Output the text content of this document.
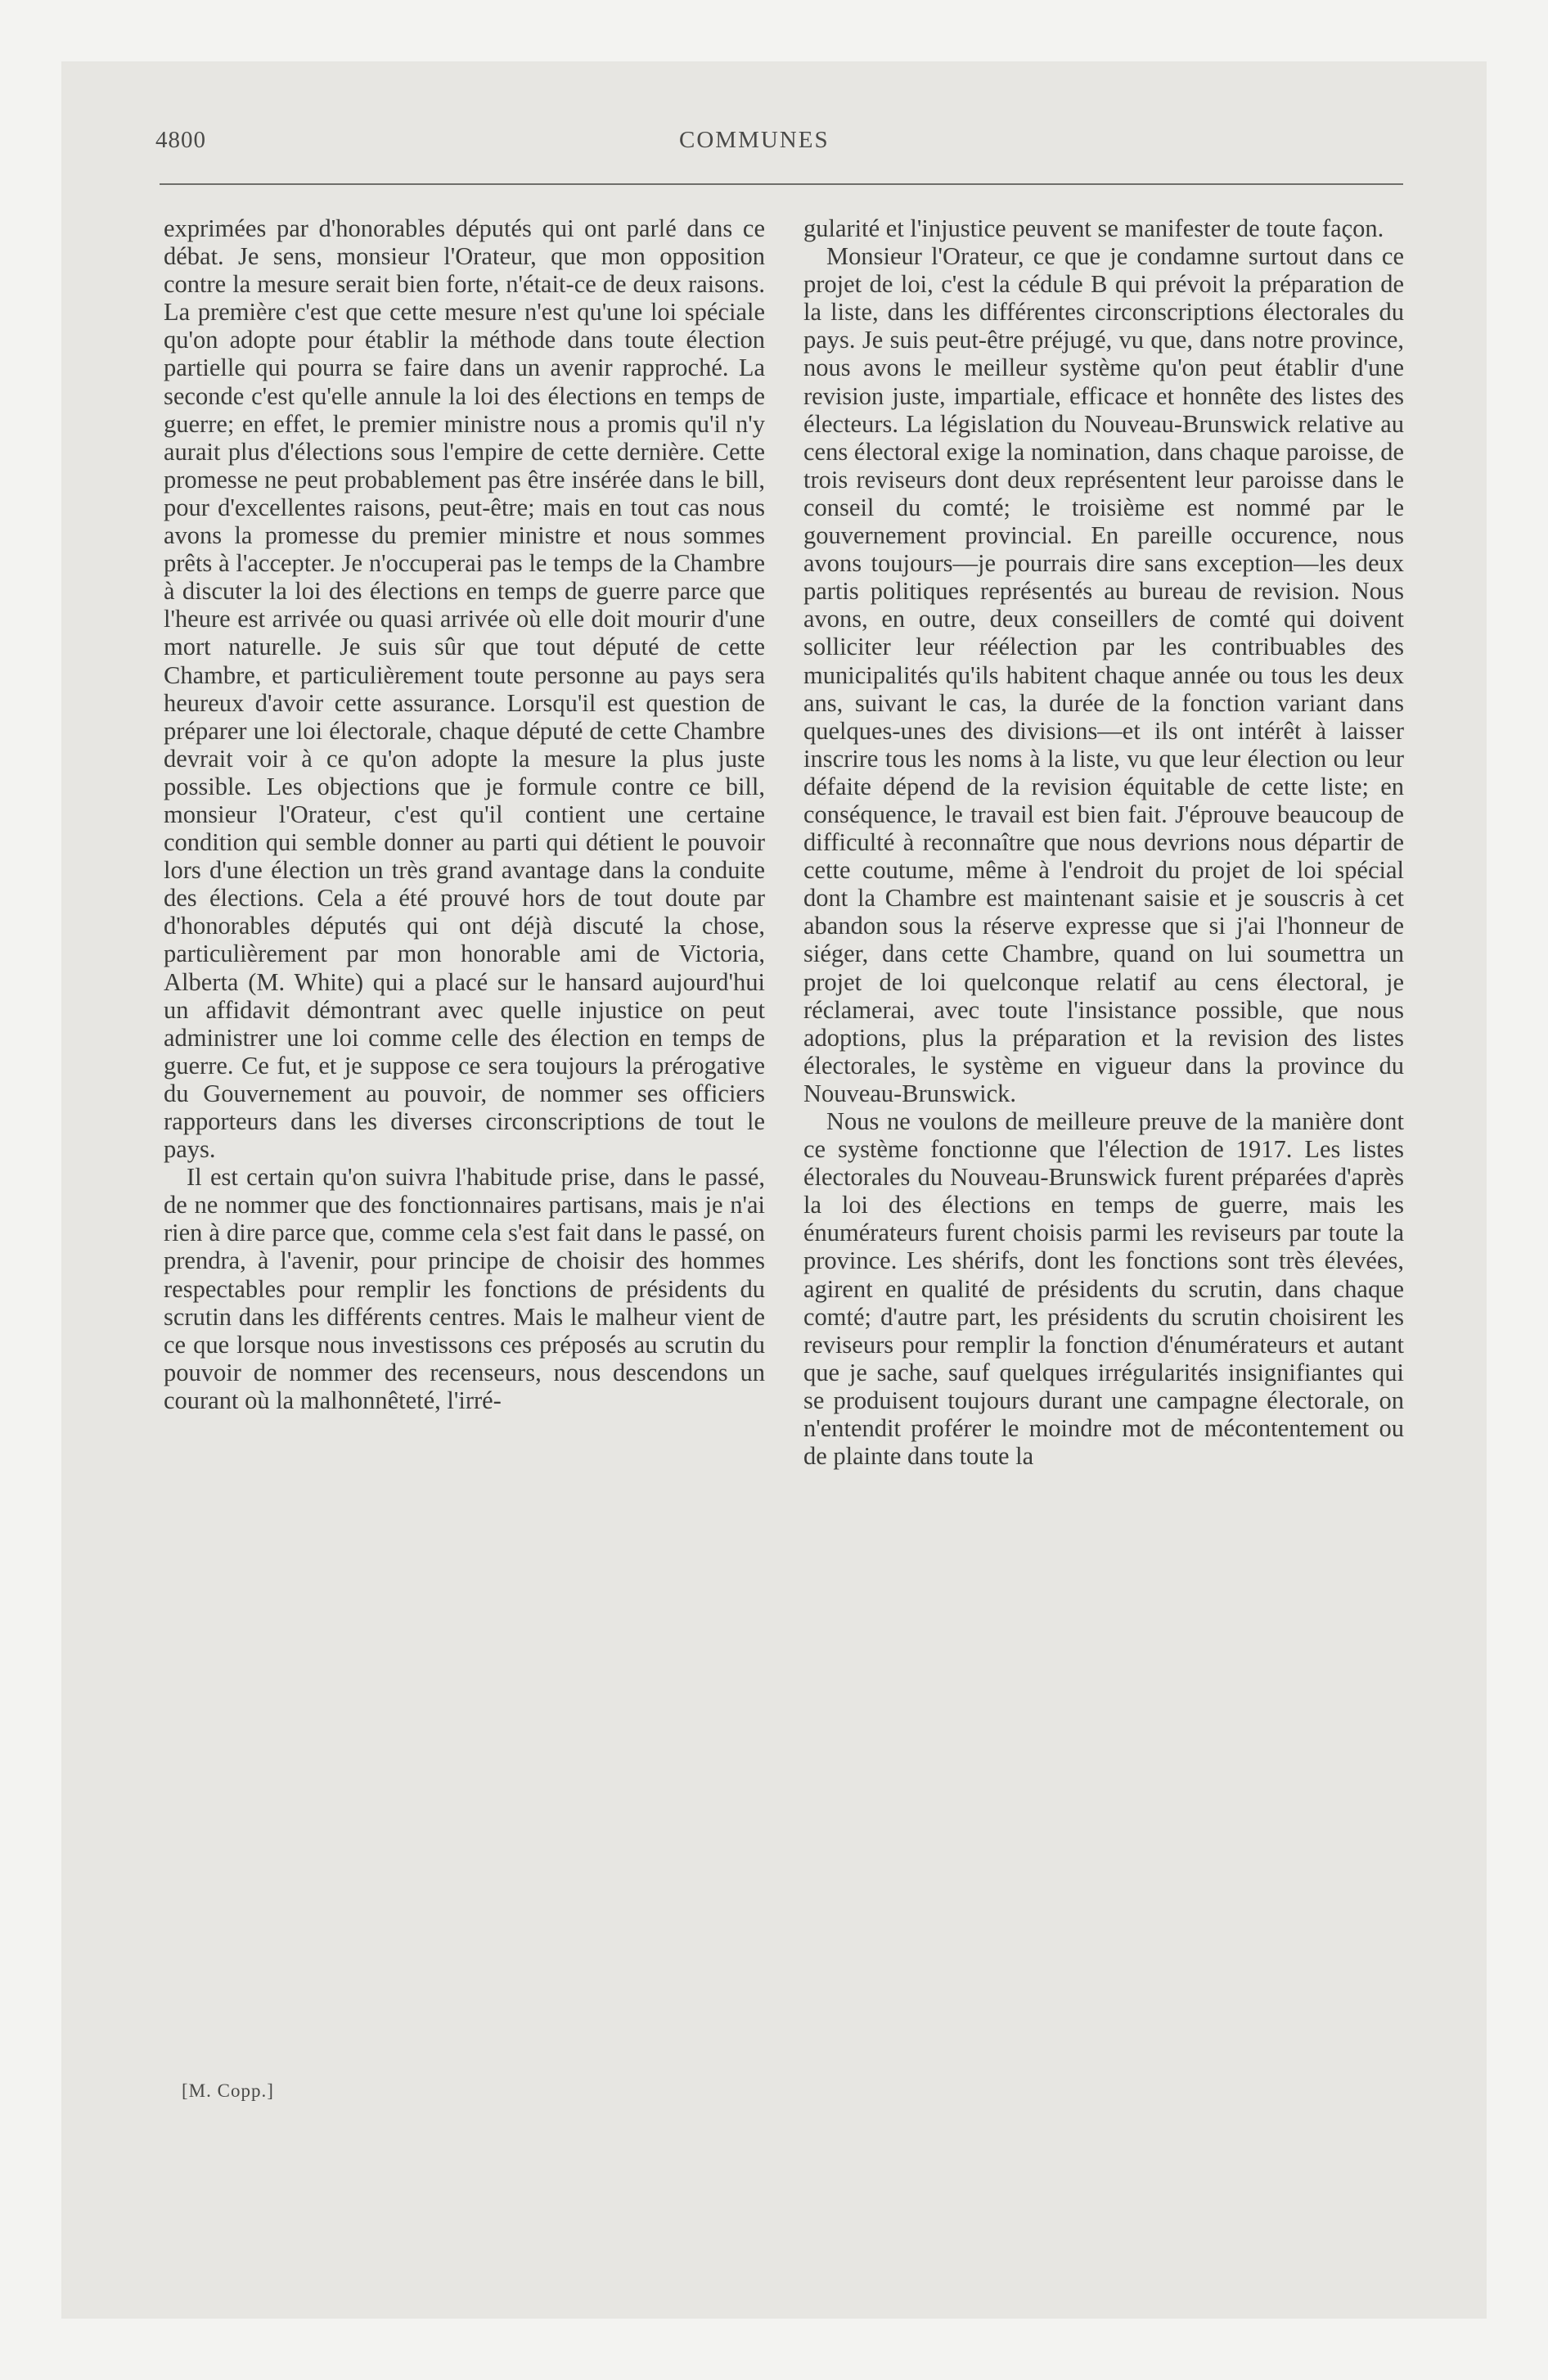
4800	COMMUNES

exprimées par d'honorables députés qui ont parlé dans ce débat. Je sens, monsieur l'Orateur, que mon opposition contre la mesure serait bien forte, n'était-ce de deux raisons. La première c'est que cette mesure n'est qu'une loi spéciale qu'on adopte pour établir la méthode dans toute élection partielle qui pourra se faire dans un avenir rapproché. La seconde c'est qu'elle annule la loi des élections en temps de guerre; en effet, le premier ministre nous a promis qu'il n'y aurait plus d'élections sous l'empire de cette dernière. Cette promesse ne peut probablement pas être insérée dans le bill, pour d'excellentes raisons, peut-être; mais en tout cas nous avons la promesse du premier ministre et nous sommes prêts à l'accepter. Je n'occuperai pas le temps de la Chambre à discuter la loi des élections en temps de guerre parce que l'heure est arrivée ou quasi arrivée où elle doit mourir d'une mort naturelle. Je suis sûr que tout député de cette Chambre, et particulièrement toute personne au pays sera heureux d'avoir cette assurance. Lorsqu'il est question de préparer une loi électorale, chaque député de cette Chambre devrait voir à ce qu'on adopte la mesure la plus juste possible. Les objections que je formule contre ce bill, monsieur l'Orateur, c'est qu'il contient une certaine condition qui semble donner au parti qui détient le pouvoir lors d'une élection un très grand avantage dans la conduite des élections. Cela a été prouvé hors de tout doute par d'honorables députés qui ont déjà discuté la chose, particulièrement par mon honorable ami de Victoria, Alberta (M. White) qui a placé sur le hansard aujourd'hui un affidavit démontrant avec quelle injustice on peut administrer une loi comme celle des élection en temps de guerre. Ce fut, et je suppose ce sera toujours la prérogative du Gouvernement au pouvoir, de nommer ses officiers rapporteurs dans les diverses circonscriptions de tout le pays.

Il est certain qu'on suivra l'habitude prise, dans le passé, de ne nommer que des fonctionnaires partisans, mais je n'ai rien à dire parce que, comme cela s'est fait dans le passé, on prendra, à l'avenir, pour principe de choisir des hommes respectables pour remplir les fonctions de présidents du scrutin dans les différents centres. Mais le malheur vient de ce que lorsque nous investissons ces préposés au scrutin du pouvoir de nommer des recenseurs, nous descendons un courant où la malhonnêteté, l'irré-

gularité et l'injustice peuvent se manifester de toute façon.

Monsieur l'Orateur, ce que je condamne surtout dans ce projet de loi, c'est la cédule B qui prévoit la préparation de la liste, dans les différentes circonscriptions électorales du pays. Je suis peut-être préjugé, vu que, dans notre province, nous avons le meilleur système qu'on peut établir d'une revision juste, impartiale, efficace et honnête des listes des électeurs. La législation du Nouveau-Brunswick relative au cens électoral exige la nomination, dans chaque paroisse, de trois reviseurs dont deux représentent leur paroisse dans le conseil du comté; le troisième est nommé par le gouvernement provincial. En pareille occurence, nous avons toujours—je pourrais dire sans exception—les deux partis politiques représentés au bureau de revision. Nous avons, en outre, deux conseillers de comté qui doivent solliciter leur réélection par les contribuables des municipalités qu'ils habitent chaque année ou tous les deux ans, suivant le cas, la durée de la fonction variant dans quelques-unes des divisions—et ils ont intérêt à laisser inscrire tous les noms à la liste, vu que leur élection ou leur défaite dépend de la revision équitable de cette liste; en conséquence, le travail est bien fait. J'éprouve beaucoup de difficulté à reconnaître que nous devrions nous départir de cette coutume, même à l'endroit du projet de loi spécial dont la Chambre est maintenant saisie et je souscris à cet abandon sous la réserve expresse que si j'ai l'honneur de siéger, dans cette Chambre, quand on lui soumettra un projet de loi quelconque relatif au cens électoral, je réclamerai, avec toute l'insistance possible, que nous adoptions, plus la préparation et la revision des listes électorales, le système en vigueur dans la province du Nouveau-Brunswick.

Nous ne voulons de meilleure preuve de la manière dont ce système fonctionne que l'élection de 1917. Les listes électorales du Nouveau-Brunswick furent préparées d'après la loi des élections en temps de guerre, mais les énumérateurs furent choisis parmi les reviseurs par toute la province. Les shérifs, dont les fonctions sont très élevées, agirent en qualité de présidents du scrutin, dans chaque comté; d'autre part, les présidents du scrutin choisirent les reviseurs pour remplir la fonction d'énumérateurs et autant que je sache, sauf quelques irrégularités insignifiantes qui se produisent toujours durant une campagne électorale, on n'entendit proférer le moindre mot de mécontentement ou de plainte dans toute la

[M. Copp.]
